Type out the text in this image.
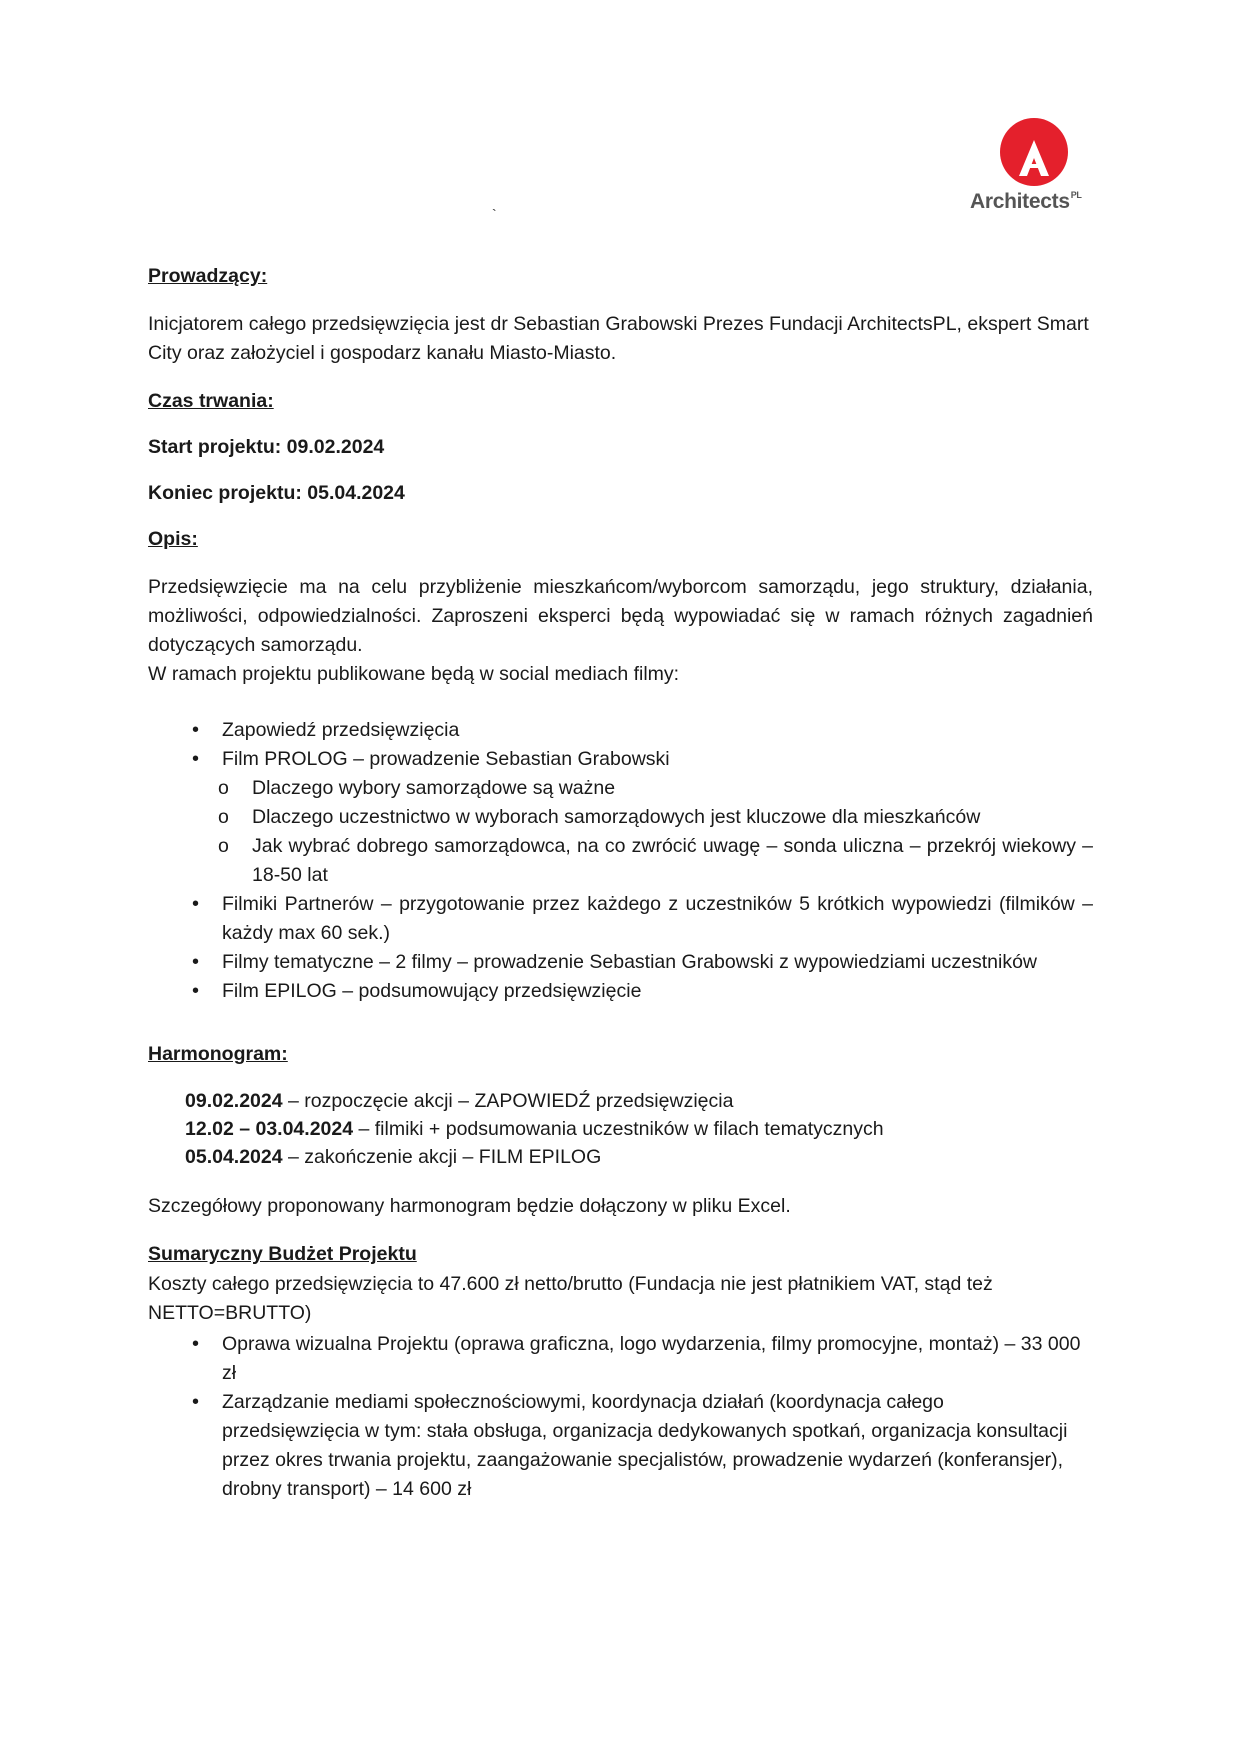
Architects$^{PL}$
`
Prowadzący:
Inicjatorem całego przedsięwzięcia jest dr Sebastian Grabowski Prezes Fundacji ArchitectsPL, ekspert Smart City oraz założyciel i gospodarz kanału Miasto-Miasto.
Czas trwania:
Start projektu: 09.02.2024
Koniec projektu: 05.04.2024
Opis:
Przedsięwzięcie ma na celu przybliżenie mieszkańcom/wyborcom samorządu, jego struktury, działania, możliwości, odpowiedzialności. Zaproszeni eksperci będą wypowiadać się w ramach różnych zagadnień dotyczących samorządu.
W ramach projektu publikowane będą w social mediach filmy:
• Zapowiedź przedsięwzięcia
• Film PROLOG – prowadzenie Sebastian Grabowski
o Dlaczego wybory samorządowe są ważne
o Dlaczego uczestnictwo w wyborach samorządowych jest kluczowe dla mieszkańców
o Jak wybrać dobrego samorządowca, na co zwrócić uwagę – sonda uliczna – przekrój wiekowy – 18-50 lat
• Filmiki Partnerów – przygotowanie przez każdego z uczestników 5 krótkich wypowiedzi (filmików – każdy max 60 sek.)
• Filmy tematyczne – 2 filmy – prowadzenie Sebastian Grabowski z wypowiedziami uczestników
• Film EPILOG – podsumowujący przedsięwzięcie
Harmonogram:
09.02.2024 – rozpoczęcie akcji – ZAPOWIEDŹ przedsięwzięcia
12.02 – 03.04.2024 – filmiki + podsumowania uczestników w filach tematycznych
05.04.2024 – zakończenie akcji – FILM EPILOG
Szczegółowy proponowany harmonogram będzie dołączony w pliku Excel.
Sumaryczny Budżet Projektu
Koszty całego przedsięwzięcia to 47.600 zł netto/brutto (Fundacja nie jest płatnikiem VAT, stąd też NETTO=BRUTTO)
• Oprawa wizualna Projektu (oprawa graficzna, logo wydarzenia, filmy promocyjne, montaż) – 33 000 zł
• Zarządzanie mediami społecznościowymi, koordynacja działań (koordynacja całego przedsięwzięcia w tym: stała obsługa, organizacja dedykowanych spotkań, organizacja konsultacji przez okres trwania projektu, zaangażowanie specjalistów, prowadzenie wydarzeń (konferansjer), drobny transport) – 14 600 zł
